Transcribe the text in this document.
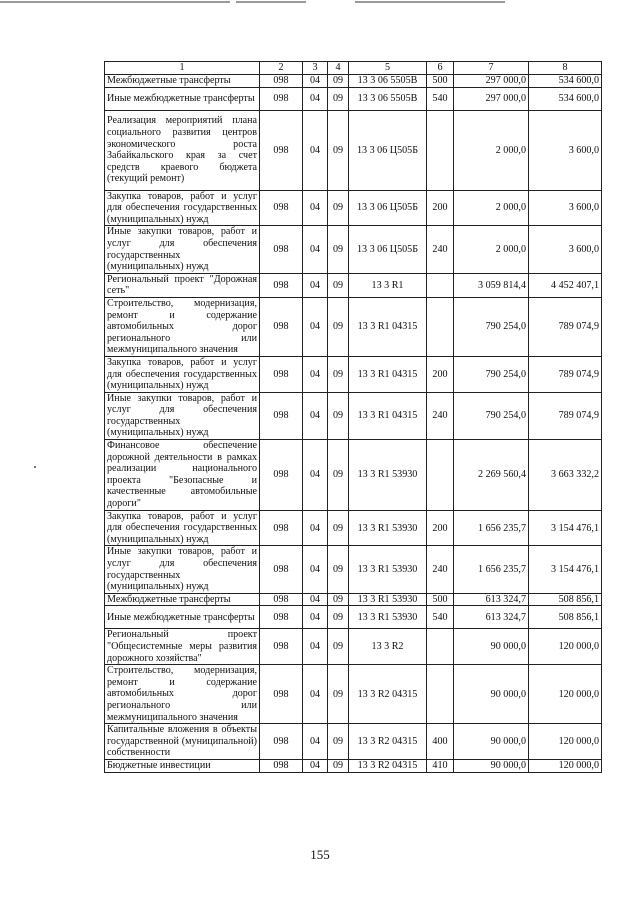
1	2	3	4	5	6	7	8
Межбюджетные трансферты	098	04	09	13 3 06 5505В	500	297 000,0	534 600,0
Иные межбюджетные трансферты	098	04	09	13 3 06 5505В	540	297 000,0	534 600,0
Реализация мероприятий плана социального развития центров экономического роста Забайкальского края за счет средств краевого бюджета (текущий ремонт)	098	04	09	13 3 06 Ц505Б		2 000,0	3 600,0
Закупка товаров, работ и услуг для обеспечения государственных (муниципальных) нужд	098	04	09	13 3 06 Ц505Б	200	2 000,0	3 600,0
Иные закупки товаров, работ и услуг для обеспечения государственных (муниципальных) нужд	098	04	09	13 3 06 Ц505Б	240	2 000,0	3 600,0
Региональный проект "Дорожная сеть"	098	04	09	13 3 R1		3 059 814,4	4 452 407,1
Строительство, модернизация, ремонт и содержание автомобильных дорог регионального или межмуниципального значения	098	04	09	13 3 R1 04315		790 254,0	789 074,9
Закупка товаров, работ и услуг для обеспечения государственных (муниципальных) нужд	098	04	09	13 3 R1 04315	200	790 254,0	789 074,9
Иные закупки товаров, работ и услуг для обеспечения государственных (муниципальных) нужд	098	04	09	13 3 R1 04315	240	790 254,0	789 074,9
Финансовое обеспечение дорожной деятельности в рамках реализации национального проекта "Безопасные и качественные автомобильные дороги"	098	04	09	13 3 R1 53930		2 269 560,4	3 663 332,2
Закупка товаров, работ и услуг для обеспечения государственных (муниципальных) нужд	098	04	09	13 3 R1 53930	200	1 656 235,7	3 154 476,1
Иные закупки товаров, работ и услуг для обеспечения государственных (муниципальных) нужд	098	04	09	13 3 R1 53930	240	1 656 235,7	3 154 476,1
Межбюджетные трансферты	098	04	09	13 3 R1 53930	500	613 324,7	508 856,1
Иные межбюджетные трансферты	098	04	09	13 3 R1 53930	540	613 324,7	508 856,1
Региональный проект "Общесистемные меры развития дорожного хозяйства"	098	04	09	13 3 R2		90 000,0	120 000,0
Строительство, модернизация, ремонт и содержание автомобильных дорог регионального или межмуниципального значения	098	04	09	13 3 R2 04315		90 000,0	120 000,0
Капитальные вложения в объекты государственной (муниципальной) собственности	098	04	09	13 3 R2 04315	400	90 000,0	120 000,0
Бюджетные инвестиции	098	04	09	13 3 R2 04315	410	90 000,0	120 000,0
155
